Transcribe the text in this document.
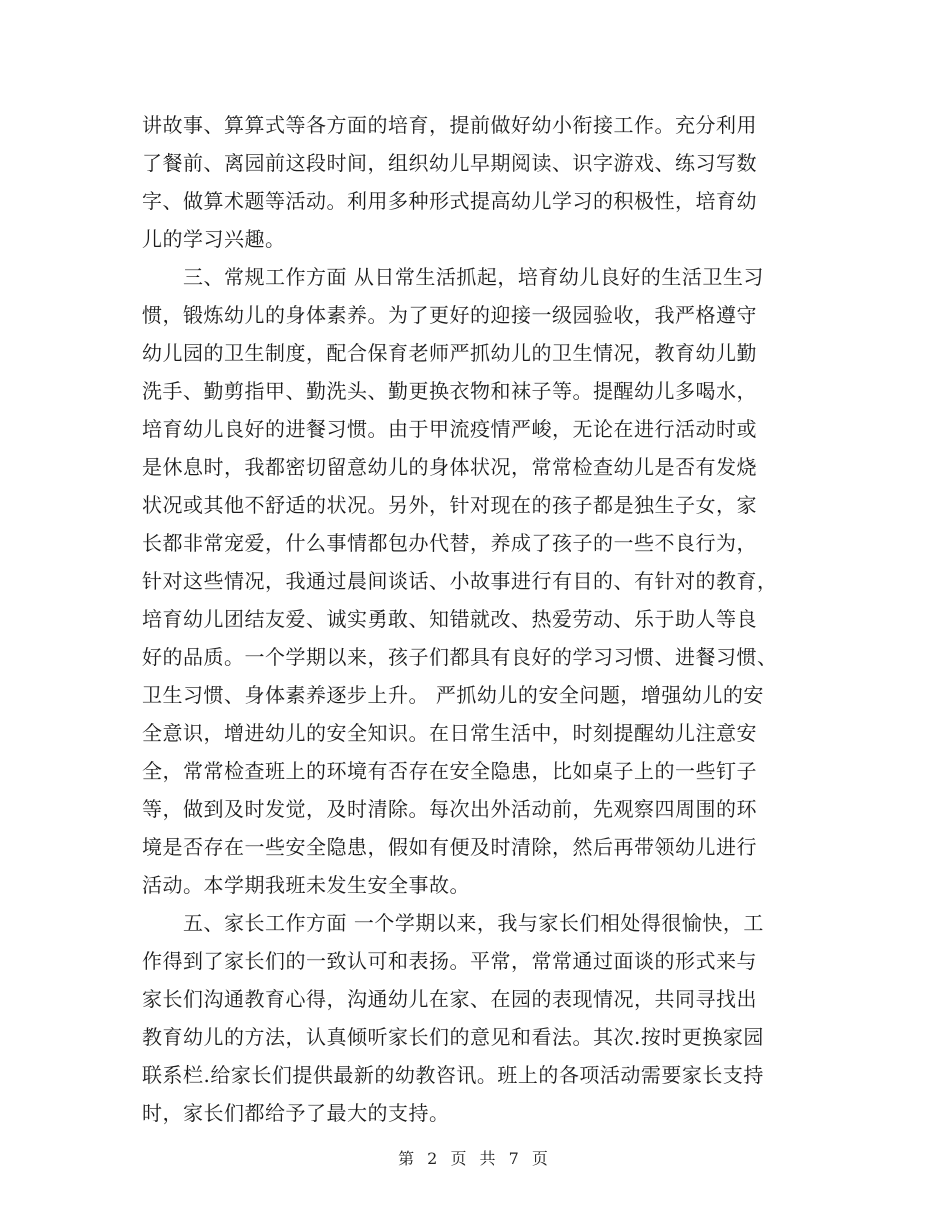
讲故事、算算式等各方面的培育，提前做好幼小衔接工作。充分利用
了餐前、离园前这段时间，组织幼儿早期阅读、识字游戏、练习写数
字、做算术题等活动。利用多种形式提高幼儿学习的积极性，培育幼
儿的学习兴趣。
　　三、常规工作方面 从日常生活抓起，培育幼儿良好的生活卫生习
惯，锻炼幼儿的身体素养。为了更好的迎接一级园验收，我严格遵守
幼儿园的卫生制度，配合保育老师严抓幼儿的卫生情况，教育幼儿勤
洗手、勤剪指甲、勤洗头、勤更换衣物和袜子等。提醒幼儿多喝水，
培育幼儿良好的进餐习惯。由于甲流疫情严峻，无论在进行活动时或
是休息时，我都密切留意幼儿的身体状况，常常检查幼儿是否有发烧
状况或其他不舒适的状况。另外，针对现在的孩子都是独生子女，家
长都非常宠爱，什么事情都包办代替，养成了孩子的一些不良行为，
针对这些情况，我通过晨间谈话、小故事进行有目的、有针对的教育，
培育幼儿团结友爱、诚实勇敢、知错就改、热爱劳动、乐于助人等良
好的品质。一个学期以来，孩子们都具有良好的学习习惯、进餐习惯、
卫生习惯、身体素养逐步上升。 严抓幼儿的安全问题，增强幼儿的安
全意识，增进幼儿的安全知识。在日常生活中，时刻提醒幼儿注意安
全，常常检查班上的环境有否存在安全隐患，比如桌子上的一些钉子
等，做到及时发觉，及时清除。每次出外活动前，先观察四周围的环
境是否存在一些安全隐患，假如有便及时清除，然后再带领幼儿进行
活动。本学期我班未发生安全事故。
　　五、家长工作方面 一个学期以来，我与家长们相处得很愉快，工
作得到了家长们的一致认可和表扬。平常，常常通过面谈的形式来与
家长们沟通教育心得，沟通幼儿在家、在园的表现情况，共同寻找出
教育幼儿的方法，认真倾听家长们的意见和看法。其次.按时更换家园
联系栏.给家长们提供最新的幼教咨讯。班上的各项活动需要家长支持
时，家长们都给予了最大的支持。
第 2 页 共 7 页
